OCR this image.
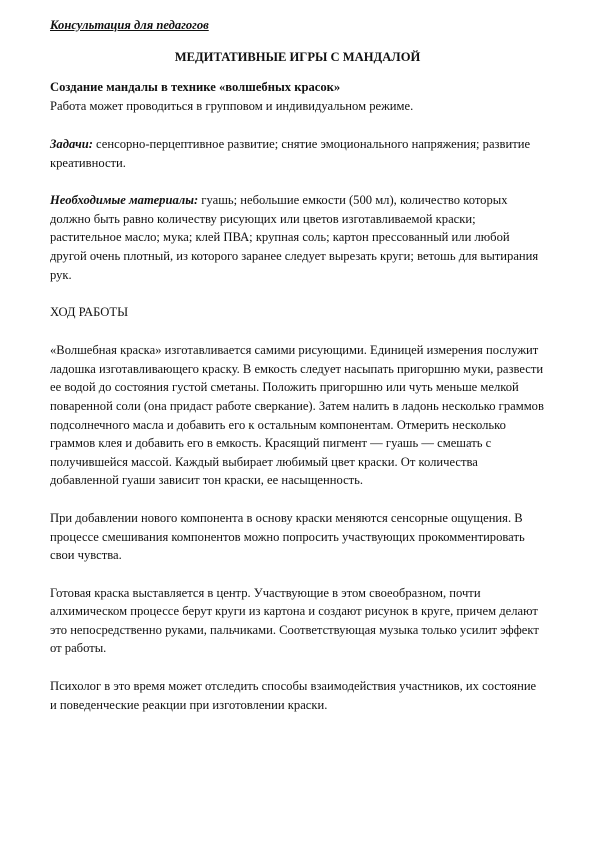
Консультация для педагогов
МЕДИТАТИВНЫЕ ИГРЫ С МАНДАЛОЙ
Создание мандалы в технике «волшебных красок»
Работа может проводиться в групповом и индивидуальном режиме.

Задачи: сенсорно-перцептивное развитие; снятие эмоционального напряжения; развитие креативности.

Необходимые материалы: гуашь; небольшие емкости (500 мл), количество которых должно быть равно количеству рисующих или цветов изготавливаемой краски; растительное масло; мука; клей ПВА; крупная соль; картон прессованный или любой другой очень плотный, из которого заранее следует вырезать круги; ветошь для вытирания рук.

ХОД РАБОТЫ

«Волшебная краска» изготавливается самими рисующими. Единицей измерения послужит ладошка изготавливающего краску. В емкость следует насыпать пригоршню муки, развести ее водой до состояния густой сметаны. Положить пригоршню или чуть меньше мелкой поваренной соли (она придаст работе сверкание). Затем налить в ладонь несколько граммов подсолнечного масла и добавить его к остальным компонентам. Отмерить несколько граммов клея и добавить его в емкость. Красящий пигмент — гуашь — смешать с получившейся массой. Каждый выбирает любимый цвет краски. От количества добавленной гуаши зависит тон краски, ее насыщенность.

При добавлении нового компонента в основу краски меняются сенсорные ощущения. В процессе смешивания компонентов можно попросить участвующих прокомментировать свои чувства.

Готовая краска выставляется в центр. Участвующие в этом своеобразном, почти алхимическом процессе берут круги из картона и создают рисунок в круге, причем делают это непосредственно руками, пальчиками. Соответствующая музыка только усилит эффект от работы.

Психолог в это время может отследить способы взаимодействия участников, их состояние и поведенческие реакции при изготовлении краски.
